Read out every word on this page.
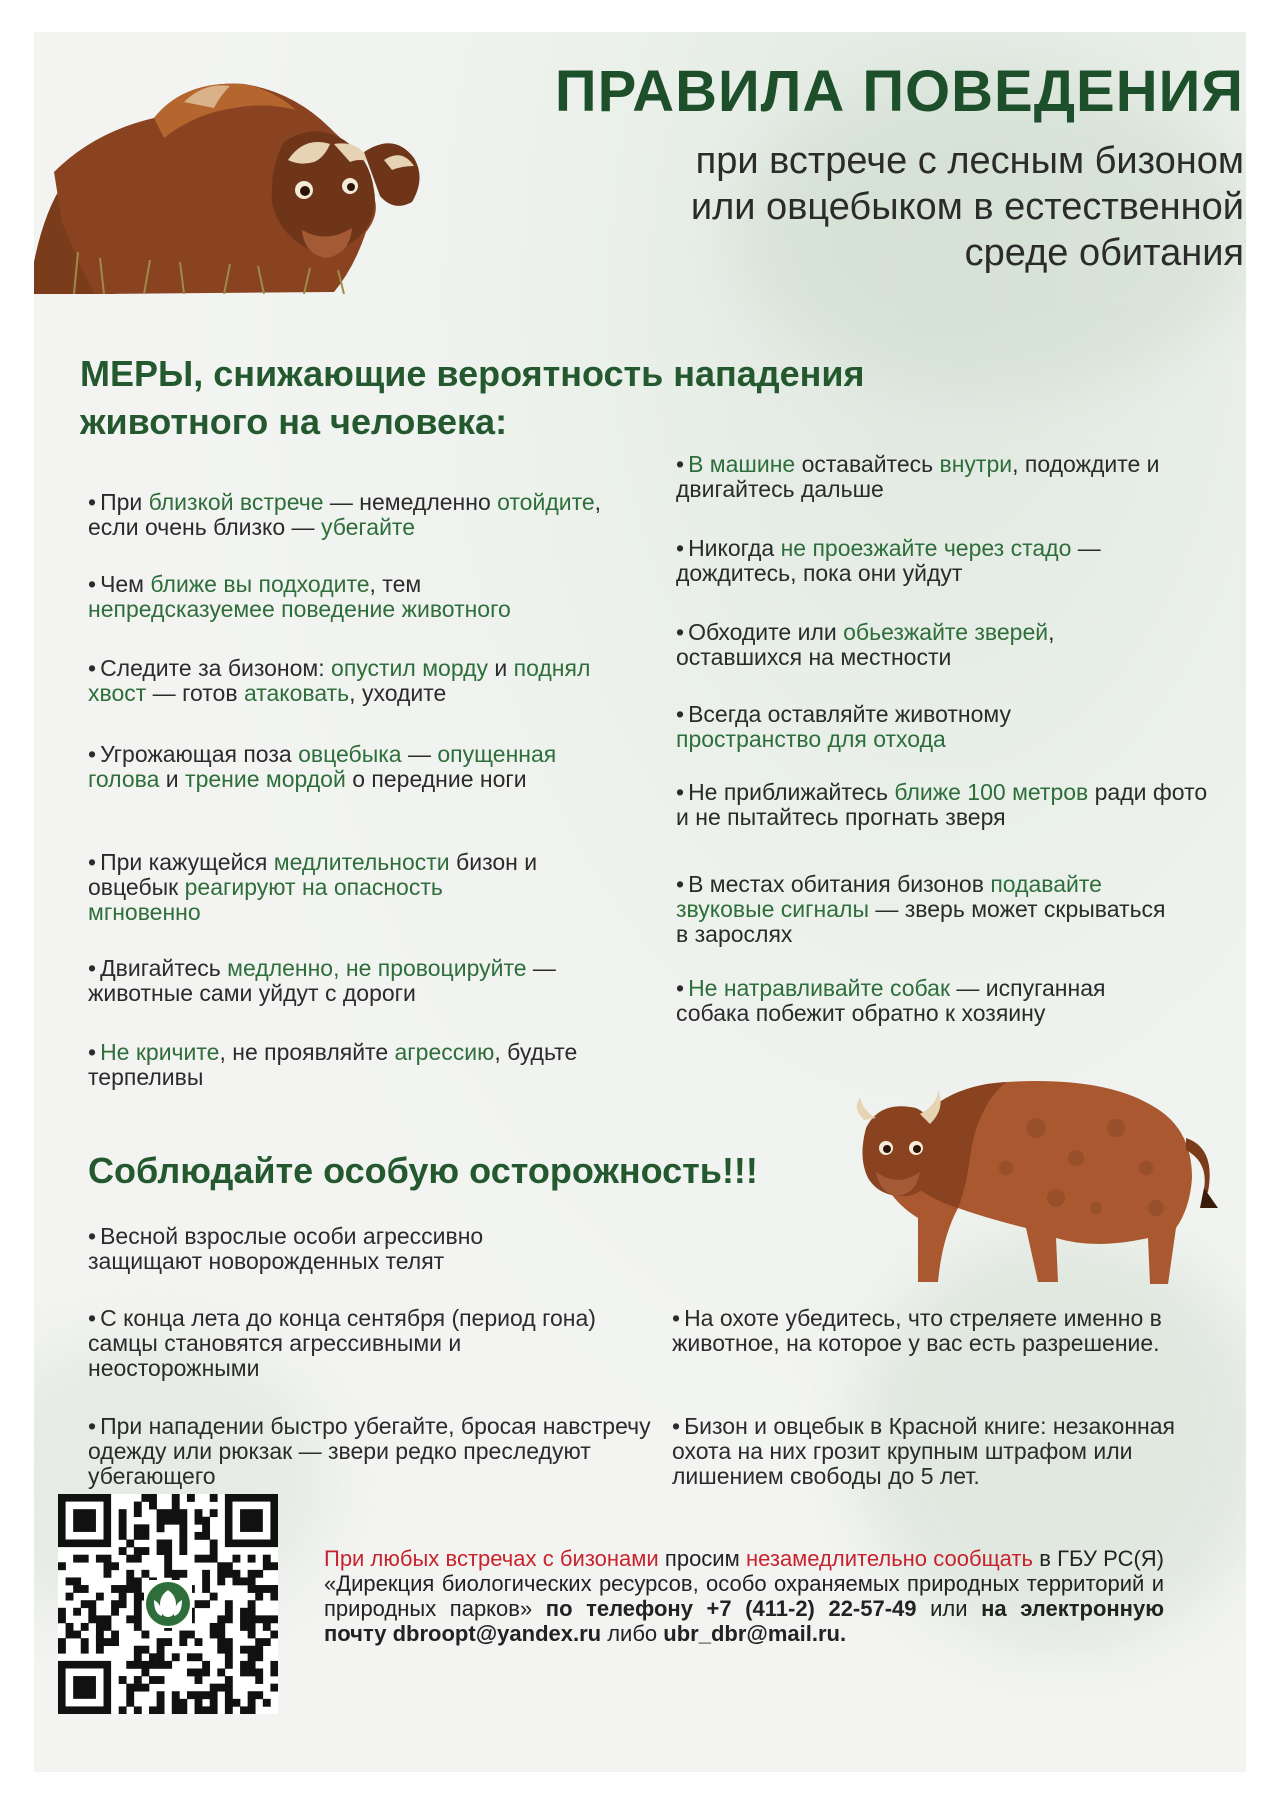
ПРАВИЛА ПОВЕДЕНИЯ
при встрече с лесным бизоном
или овцебыком в естественной
среде обитания
МЕРЫ, снижающие вероятность нападения
животного на человека:
• При близкой встрече — немедленно отойдите, если очень близко — убегайте
• Чем ближе вы подходите, тем непредсказуемее поведение животного
• Следите за бизоном: опустил морду и поднял хвост — готов атаковать, уходите
• Угрожающая поза овцебыка — опущенная голова и трение мордой о передние ноги
• При кажущейся медлительности бизон и овцебык реагируют на опасность мгновенно
• Двигайтесь медленно, не провоцируйте — животные сами уйдут с дороги
• Не кричите, не проявляйте агрессию, будьте терпеливы
• В машине оставайтесь внутри, подождите и двигайтесь дальше
• Никогда не проезжайте через стадо — дождитесь, пока они уйдут
• Обходите или обьезжайте зверей, оставшихся на местности
• Всегда оставляйте животному пространство для отхода
• Не приближайтесь ближе 100 метров ради фото и не пытайтесь прогнать зверя
• В местах обитания бизонов подавайте звуковые сигналы — зверь может скрываться в зарослях
• Не натравливайте собак — испуганная собака побежит обратно к хозяину
Соблюдайте особую осторожность!!!
• Весной взрослые особи агрессивно защищают новорожденных телят
• С конца лета до конца сентября (период гона) самцы становятся агрессивными и неосторожными
• При нападении быстро убегайте, бросая навстречу одежду или рюкзак — звери редко преследуют убегающего
• На охоте убедитесь, что стреляете именно в животное, на которое у вас есть разрешение.
• Бизон и овцебык в Красной книге: незаконная охота на них грозит крупным штрафом или лишением свободы до 5 лет.
При любых встречах с бизонами просим незамедлительно сообщать в ГБУ РС(Я) «Дирекция биологических ресурсов, особо охраняемых природных территорий и природных парков» по телефону +7 (411-2) 22-57-49 или на электронную почту dbroopt@yandex.ru либо ubr_dbr@mail.ru.
